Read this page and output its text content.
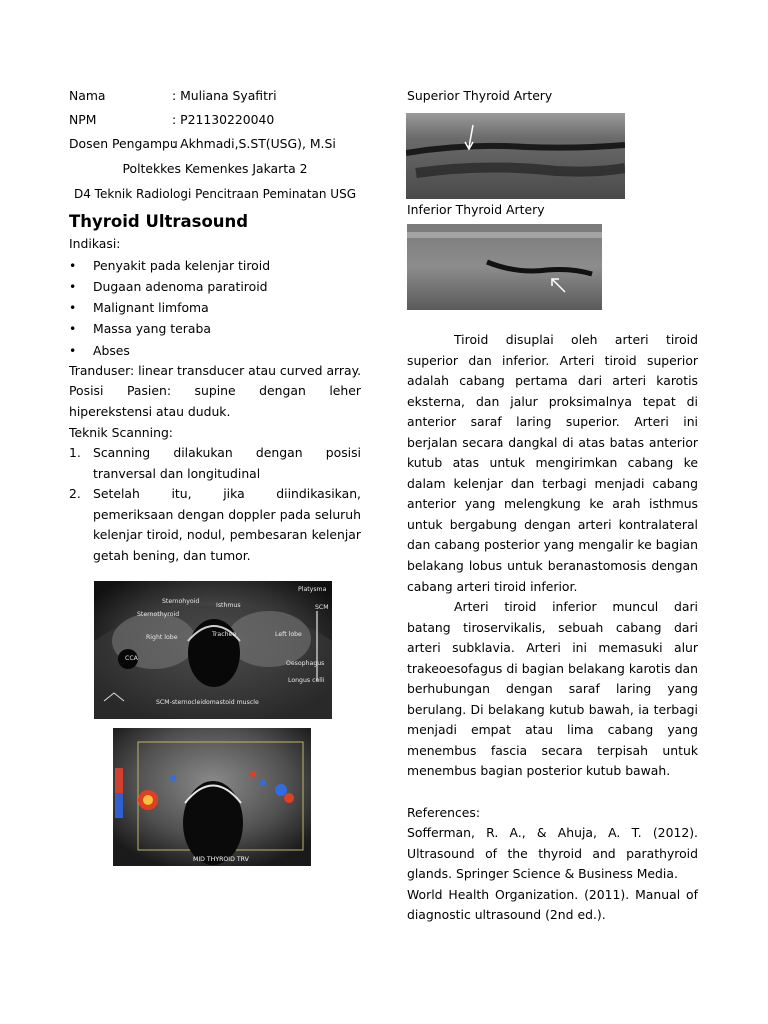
Nama	: Muliana Syafitri
NPM	: P21130220040
Dosen Pengampu
: Akhmadi,S.ST(USG), M.Si
Poltekkes Kemenkes Jakarta 2
D4 Teknik Radiologi Pencitraan Peminatan USG
Thyroid Ultrasound
Indikasi:
• Penyakit pada kelenjar tiroid
• Dugaan adenoma paratiroid
• Malignant limfoma
• Massa yang teraba
• Abses
Tranduser: linear transducer atau curved array.
Posisi Pasien: supine dengan leher hiperekstensi atau duduk.
Teknik Scanning:
1. Scanning dilakukan dengan posisi tranversal dan longitudinal
2. Setelah itu, jika diindikasikan, pemeriksaan dengan doppler pada seluruh kelenjar tiroid, nodul, pembesaran kelenjar getah bening, dan tumor.
Sternohyoid
Platysma
Isthmus	SCM
Sternothyroid
Right lobe	Trachea	Left lobe
CCA
Oesophagus
Longus colli
SCM-sternocleidomastoid muscle
MID THYROID TRV
Superior Thyroid Artery
Inferior Thyroid Artery
Tiroid disuplai oleh arteri tiroid superior dan inferior. Arteri tiroid superior adalah cabang pertama dari arteri karotis eksterna, dan jalur proksimalnya tepat di anterior saraf laring superior. Arteri ini berjalan secara dangkal di atas batas anterior kutub atas untuk mengirimkan cabang ke dalam kelenjar dan terbagi menjadi cabang anterior yang melengkung ke arah isthmus untuk bergabung dengan arteri kontralateral dan cabang posterior yang mengalir ke bagian belakang lobus untuk beranastomosis dengan cabang arteri tiroid inferior.
Arteri tiroid inferior muncul dari batang tiroservikalis, sebuah cabang dari arteri subklavia. Arteri ini memasuki alur trakeoesofagus di bagian belakang karotis dan berhubungan dengan saraf laring yang berulang. Di belakang kutub bawah, ia terbagi menjadi empat atau lima cabang yang menembus fascia secara terpisah untuk menembus bagian posterior kutub bawah.
References:
Sofferman, R. A., & Ahuja, A. T. (2012). Ultrasound of the thyroid and parathyroid glands. Springer Science & Business Media.
World Health Organization. (2011). Manual of diagnostic ultrasound (2nd ed.).
